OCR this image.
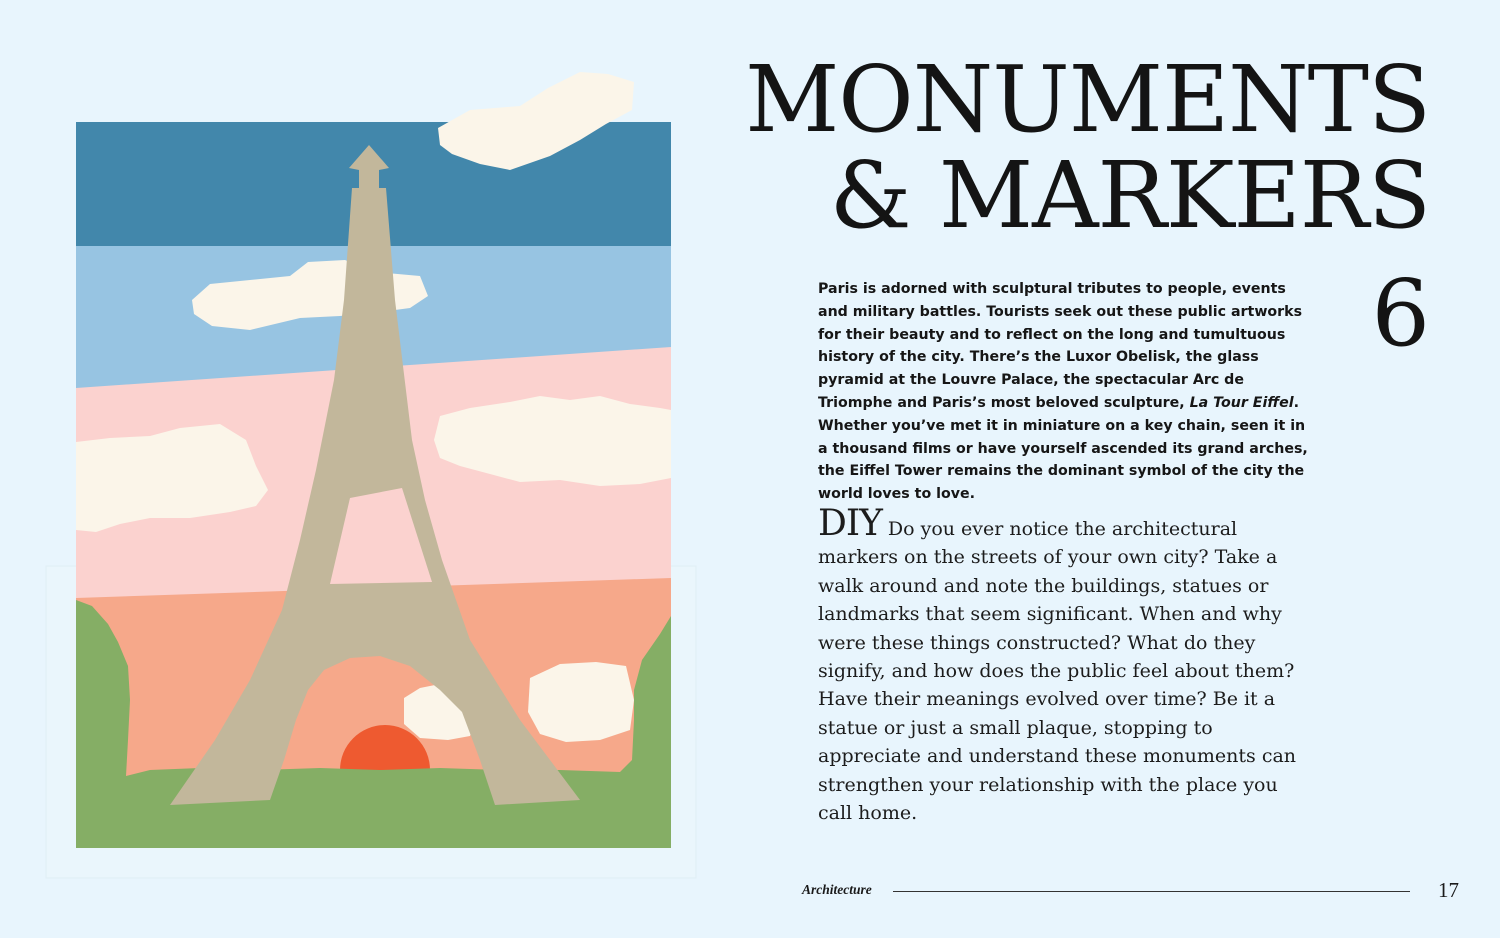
MONUMENTS
& MARKERS
6

Paris is adorned with sculptural tributes to people, events and military battles. Tourists seek out these public artworks for their beauty and to reflect on the long and tumultuous history of the city. There’s the Luxor Obelisk, the glass pyramid at the Louvre Palace, the spectacular Arc de Triomphe and Paris’s most beloved sculpture, La Tour Eiffel. Whether you’ve met it in miniature on a key chain, seen it in a thousand films or have yourself ascended its grand arches, the Eiffel Tower remains the dominant symbol of the city the world loves to love.

DIY Do you ever notice the architectural markers on the streets of your own city? Take a walk around and note the buildings, statues or landmarks that seem significant. When and why were these things constructed? What do they signify, and how does the public feel about them? Have their meanings evolved over time? Be it a statue or just a small plaque, stopping to appreciate and understand these monuments can strengthen your relationship with the place you call home.

Architecture	17
